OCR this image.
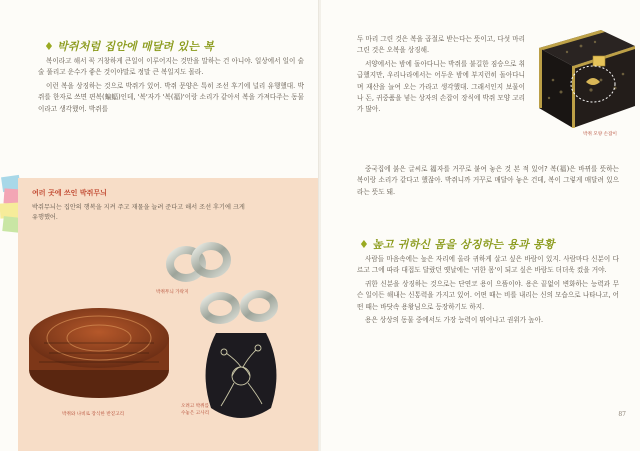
♦ 박쥐처럼 집안에 매달려 있는 복

복이라고 해서 꼭 거창하게 큰일이 이루어지는 것만을 말하는 건 아니야. 일상에서 일이 술술 풀리고 운수가 좋은 것이야말로 정말 큰 복일지도 몰라.

이런 복을 상징하는 것으로 박쥐가 있어. 박쥐 문양은 특히 조선 후기에 널리 유행했대. 박쥐를 한자로 쓰면 편복(蝙蝠)인데, '복'자가 '복(福)'이랑 소리가 같아서 복을 가져다주는 동물이라고 생각했어. 박쥐를

여러 곳에 쓰인 박쥐무늬
박쥐무늬는 집안의 행복을 지켜 주고 재물을 늘려 준다고 해서 조선 후기에 크게 유행했어.
박쥐무늬 가락지
박쥐와 나비로 장식한 반짇고리
오려고 박쥐를
수놓은 고사리

두 마리 그린 것은 복을 곱절로 받는다는 뜻이고, 다섯 마리 그린 것은 오복을 상징해.

서양에서는 밤에 돌아다니는 박쥐를 불길한 짐승으로 취급했지만, 우리나라에서는 어두운 밤에 부지런히 돌아다니며 재산을 늘여 오는 가라고 생각했대. 그래서인지 보물이나 돈, 귀중품을 넣는 상자의 손잡이 장식에 박쥐 모양 고리가 많아.

중국집에 붉은 글씨로 福자를 거꾸로 붙여 놓은 것 본 적 있어? 복(福)은 바뀌를 뜻하는 복이랑 소리가 같다고 했잖아. 박쥐니까 거꾸로 매달아 놓은 건데, 복이 그렇게 매달려 있으라는 뜻도 돼.

박쥐 모양 손잡이
♦ 높고 귀하신 몸을 상징하는 용과 봉황

사람들 마음속에는 높은 자리에 올라 귀하게 살고 싶은 바람이 있지. 사람마다 신분이 다르고 그에 따라 대접도 달랐던 옛날에는 '귀한 몸'이 되고 싶은 바람도 더더욱 컸을 거야.

귀한 신분을 상징하는 것으로는 단연코 용이 으뜸이야. 용은 끝없이 변화하는 능력과 무슨 일이든 해내는 신통력을 가지고 있어. 어떤 때는 비를 내리는 신의 모습으로 나타나고, 어떤 때는 바닷속 용왕님으로 등장하기도 하지.

용은 상상의 동물 중에서도 가장 능력이 뛰어나고 권위가 높아.

87
